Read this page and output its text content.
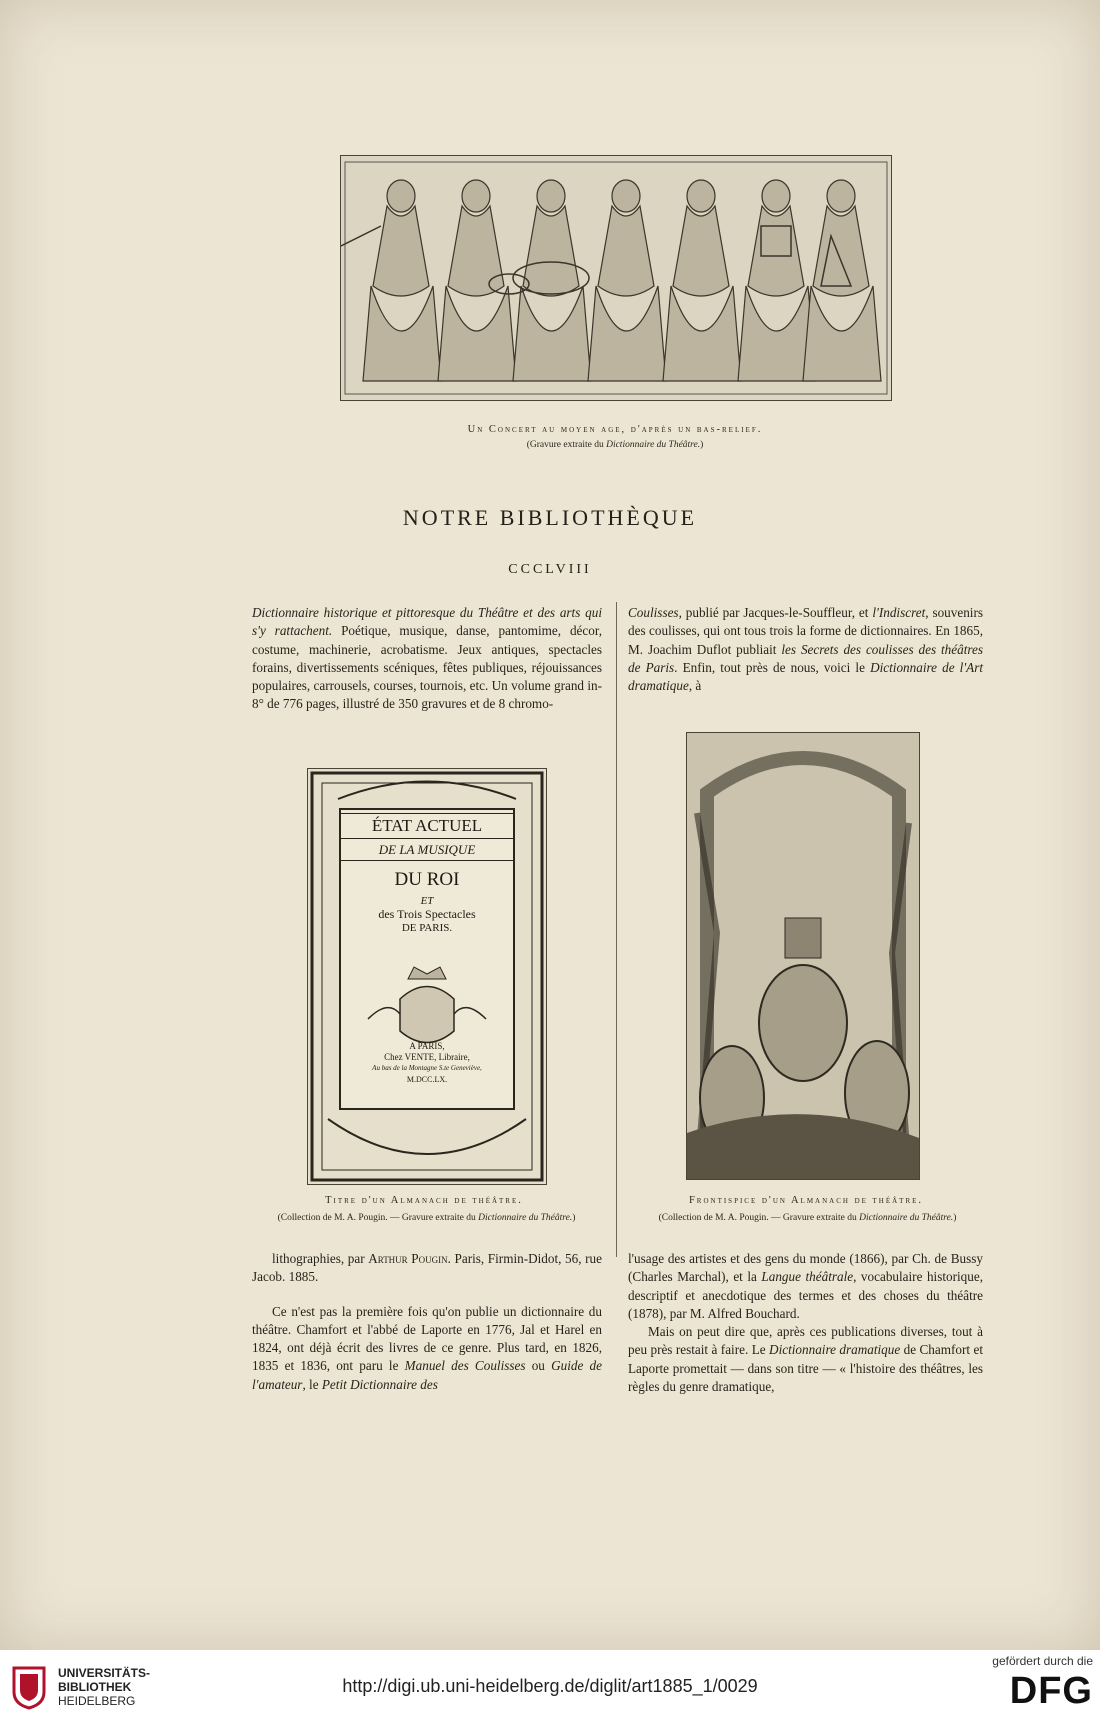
Un Concert au moyen age, d'après un bas-relief.
(Gravure extraite du Dictionnaire du Théâtre.)
NOTRE BIBLIOTHÈQUE
CCCLVIII

Dictionnaire historique et pittoresque du Théâtre et des arts qui s'y rattachent. Poétique, musique, danse, pantomime, décor, costume, machinerie, acrobatisme. Jeux antiques, spectacles forains, divertissements scéniques, fêtes publiques, réjouissances populaires, carrousels, courses, tournois, etc. Un volume grand in-8° de 776 pages, illustré de 350 gravures et de 8 chromo-

Coulisses, publié par Jacques-le-Souffleur, et l'Indiscret, souvenirs des coulisses, qui ont tous trois la forme de dictionnaires. En 1865, M. Joachim Duflot publiait les Secrets des coulisses des théâtres de Paris. Enfin, tout près de nous, voici le Dictionnaire de l'Art dramatique, à

ÉTAT ACTUEL
DE LA MUSIQUE
DU ROI
ET
des Trois Spectacles
DE PARIS.
A PARIS,
Chez VENTE, Libraire,
Au bas de la Montagne S.te Geneviève,
M.DCC.LX.
Titre d'un Almanach de théâtre.
(Collection de M. A. Pougin. — Gravure extraite du Dictionnaire du Théâtre.)
Frontispice d'un Almanach de théâtre.
(Collection de M. A. Pougin. — Gravure extraite du Dictionnaire du Théâtre.)

lithographies, par Arthur Pougin. Paris, Firmin-Didot, 56, rue Jacob. 1885.

Ce n'est pas la première fois qu'on publie un dictionnaire du théâtre. Chamfort et l'abbé de Laporte en 1776, Jal et Harel en 1824, ont déjà écrit des livres de ce genre. Plus tard, en 1826, 1835 et 1836, ont paru le Manuel des Coulisses ou Guide de l'amateur, le Petit Dictionnaire des

l'usage des artistes et des gens du monde (1866), par Ch. de Bussy (Charles Marchal), et la Langue théâtrale, vocabulaire historique, descriptif et anecdotique des termes et des choses du théâtre (1878), par M. Alfred Bouchard.

Mais on peut dire que, après ces publications diverses, tout à peu près restait à faire. Le Dictionnaire dramatique de Chamfort et Laporte promettait — dans son titre — « l'histoire des théâtres, les règles du genre dramatique,

UNIVERSITÄTS-
BIBLIOTHEK
HEIDELBERG
http://digi.ub.uni-heidelberg.de/diglit/art1885_1/0029
gefördert durch die
DFG
